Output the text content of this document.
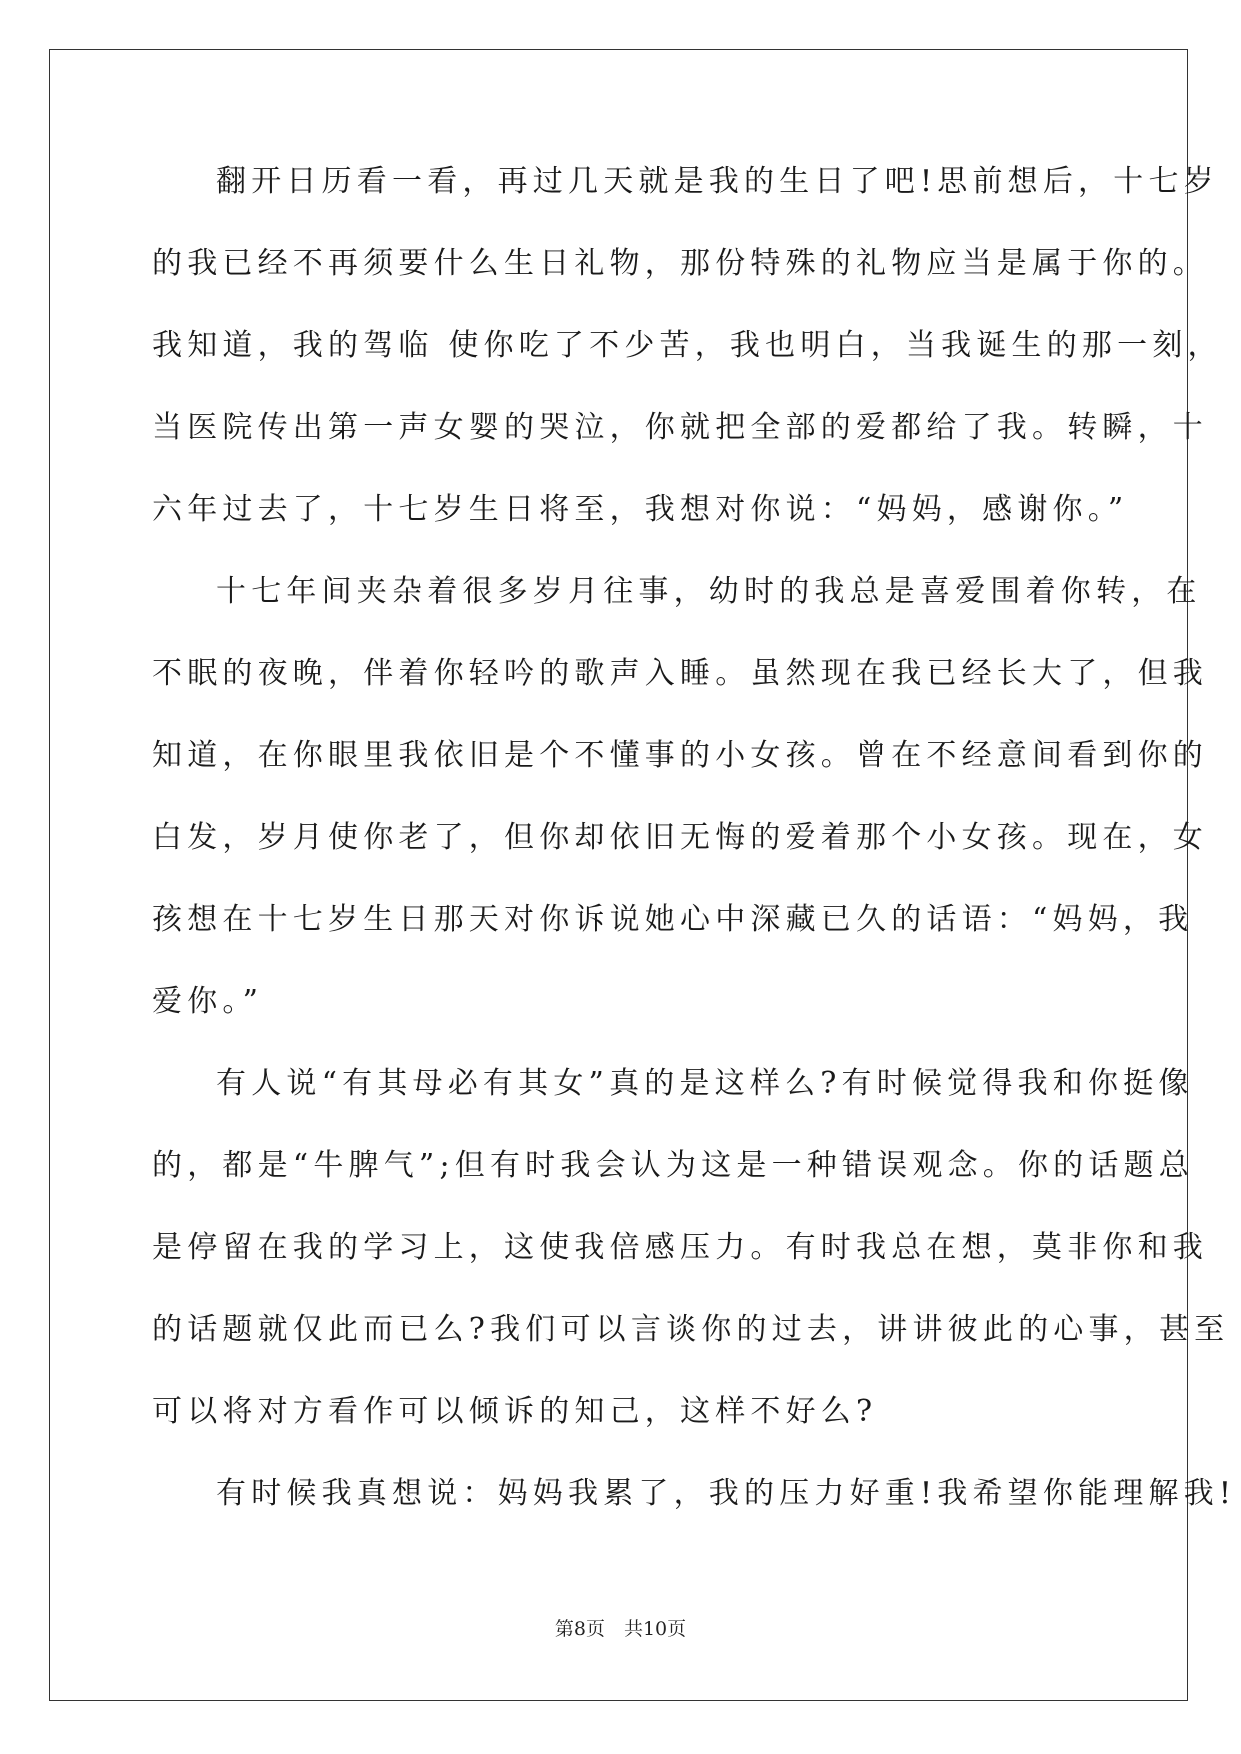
翻开日历看一看，再过几天就是我的生日了吧!思前想后，十七岁
的我已经不再须要什么生日礼物，那份特殊的礼物应当是属于你的。
我知道，我的驾临 使你吃了不少苦，我也明白，当我诞生的那一刻，
当医院传出第一声女婴的哭泣，你就把全部的爱都给了我。转瞬，十
六年过去了，十七岁生日将至，我想对你说：“妈妈，感谢你。”
十七年间夹杂着很多岁月往事，幼时的我总是喜爱围着你转，在
不眠的夜晚，伴着你轻吟的歌声入睡。虽然现在我已经长大了，但我
知道，在你眼里我依旧是个不懂事的小女孩。曾在不经意间看到你的
白发，岁月使你老了，但你却依旧无悔的爱着那个小女孩。现在，女
孩想在十七岁生日那天对你诉说她心中深藏已久的话语：“妈妈，我
爱你。”
有人说“有其母必有其女”真的是这样么?有时候觉得我和你挺像
的，都是“牛脾气”;但有时我会认为这是一种错误观念。你的话题总
是停留在我的学习上，这使我倍感压力。有时我总在想，莫非你和我
的话题就仅此而已么?我们可以言谈你的过去，讲讲彼此的心事，甚至
可以将对方看作可以倾诉的知己，这样不好么?
有时候我真想说：妈妈我累了，我的压力好重!我希望你能理解我!
第8页　共10页
